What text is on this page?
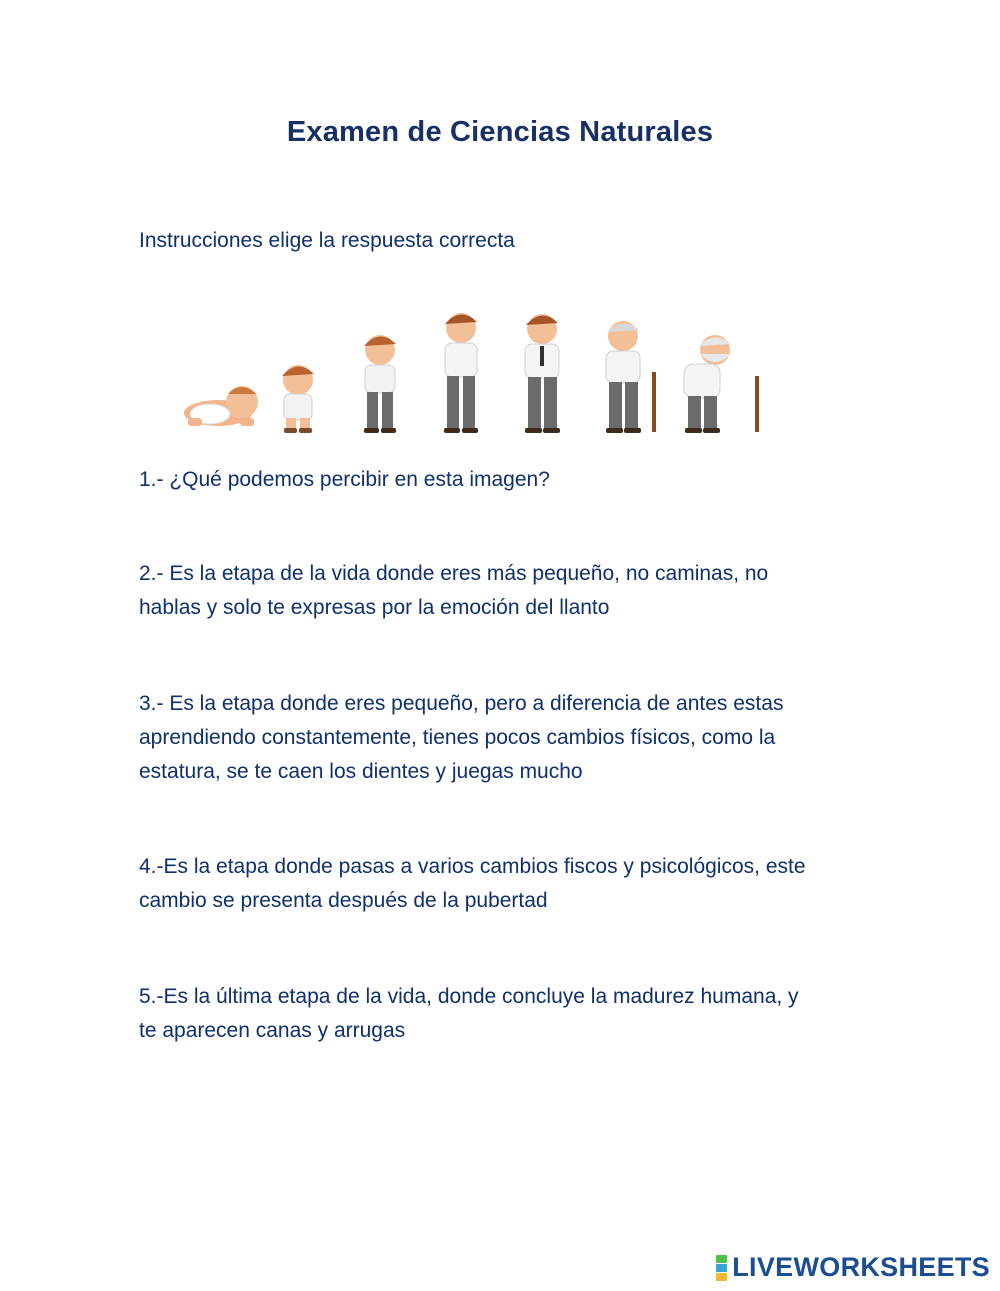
Examen de Ciencias Naturales
Instrucciones elige la respuesta correcta
1.- ¿Qué podemos percibir en esta imagen?
2.- Es la etapa de la vida donde eres más pequeño, no caminas, no
hablas y solo te expresas por la emoción del llanto
3.- Es la etapa donde eres pequeño, pero a diferencia de antes estas
aprendiendo constantemente, tienes pocos cambios físicos, como la
estatura, se te caen los dientes y juegas mucho
4.-Es la etapa donde pasas a varios cambios fiscos y psicológicos, este
cambio se presenta después de la pubertad
5.-Es la última etapa de la vida, donde concluye la madurez humana, y
te aparecen canas y arrugas
LIVEWORKSHEETS
